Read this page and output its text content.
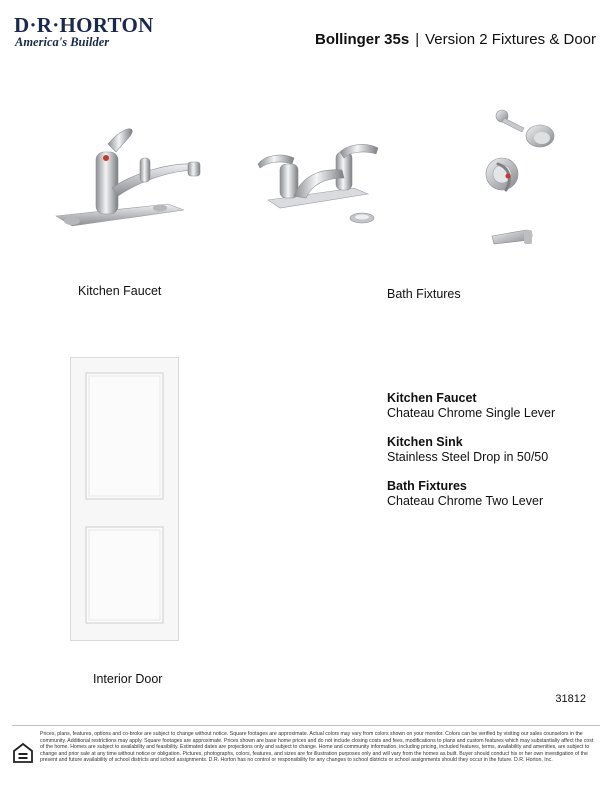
D·R·HORTON
America's Builder	Bollinger 35s | Version 2 Fixtures & Door
Kitchen Faucet	Bath Fixtures
Interior Door
Kitchen Faucet
Chateau Chrome Single Lever
Kitchen Sink
Stainless Steel Drop in 50/50
Bath Fixtures
Chateau Chrome Two Lever
31812
Prices, plans, features, options and co-broke are subject to change without notice. Square footages are approximate. Actual colors may vary from colors shown on your monitor. Colors can be verified by visiting our sales counselors in the community. Additional restrictions may apply. Square footages are approximate. Prices shown are base home prices and do not include closing costs and fees, modifications to plans and custom features which may substantially affect the cost of the home. Homes are subject to availability and feasibility. Estimated dates are projections only and subject to change. Home and community information, including pricing, included features, terms, availability and amenities, are subject to change and prior sale at any time without notice or obligation. Pictures, photographs, colors, features, and sizes are for illustration purposes only and will vary from the homes as built. Buyer should conduct his or her own investigation of the present and future availability of school districts and school assignments. D.R. Horton has no control or responsibility for any changes to school districts or school assignments should they occur in the future. D.R. Horton, Inc.
